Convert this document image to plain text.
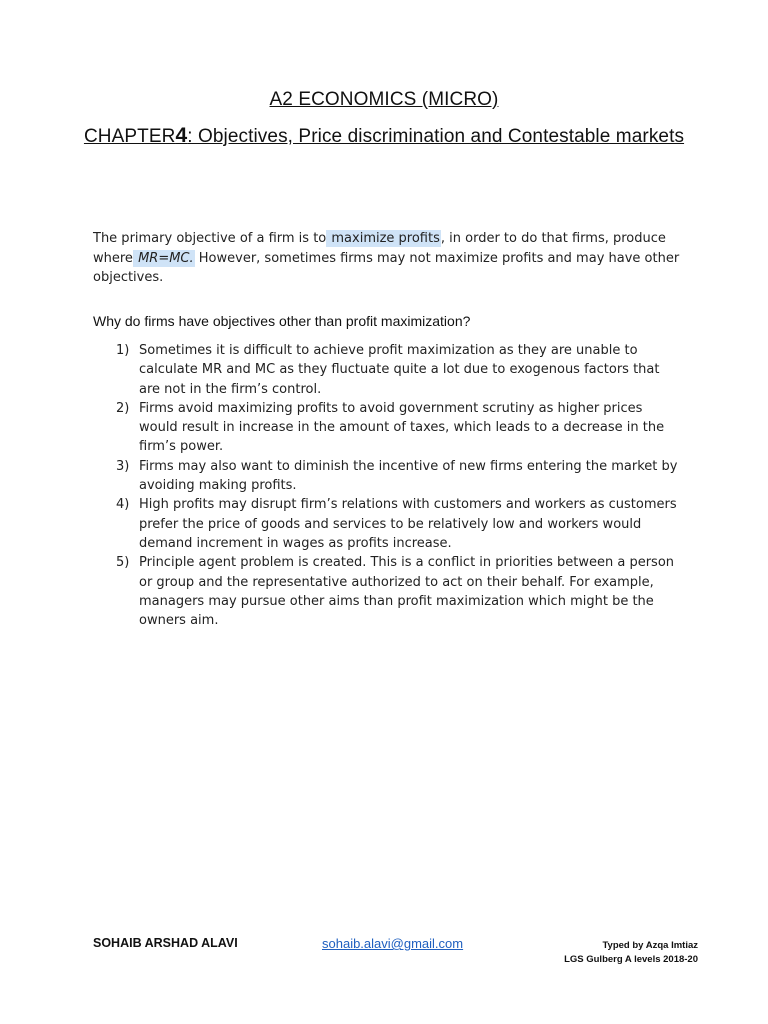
A2 ECONOMICS (MICRO)
CHAPTER4: Objectives, Price discrimination and Contestable markets

The primary objective of a firm is to maximize profits, in order to do that firms, produce where MR=MC. However, sometimes firms may not maximize profits and may have other objectives.

Why do firms have objectives other than profit maximization?
1) Sometimes it is difficult to achieve profit maximization as they are unable to calculate MR and MC as they fluctuate quite a lot due to exogenous factors that are not in the firm’s control.
2) Firms avoid maximizing profits to avoid government scrutiny as higher prices would result in increase in the amount of taxes, which leads to a decrease in the firm’s power.
3) Firms may also want to diminish the incentive of new firms entering the market by avoiding making profits.
4) High profits may disrupt firm’s relations with customers and workers as customers prefer the price of goods and services to be relatively low and workers would demand increment in wages as profits increase.
5) Principle agent problem is created. This is a conflict in priorities between a person or group and the representative authorized to act on their behalf. For example, managers may pursue other aims than profit maximization which might be the owners aim.
SOHAIB ARSHAD ALAVI	sohaib.alavi@gmail.com	Typed by Azqa Imtiaz
LGS Gulberg A levels 2018-20
